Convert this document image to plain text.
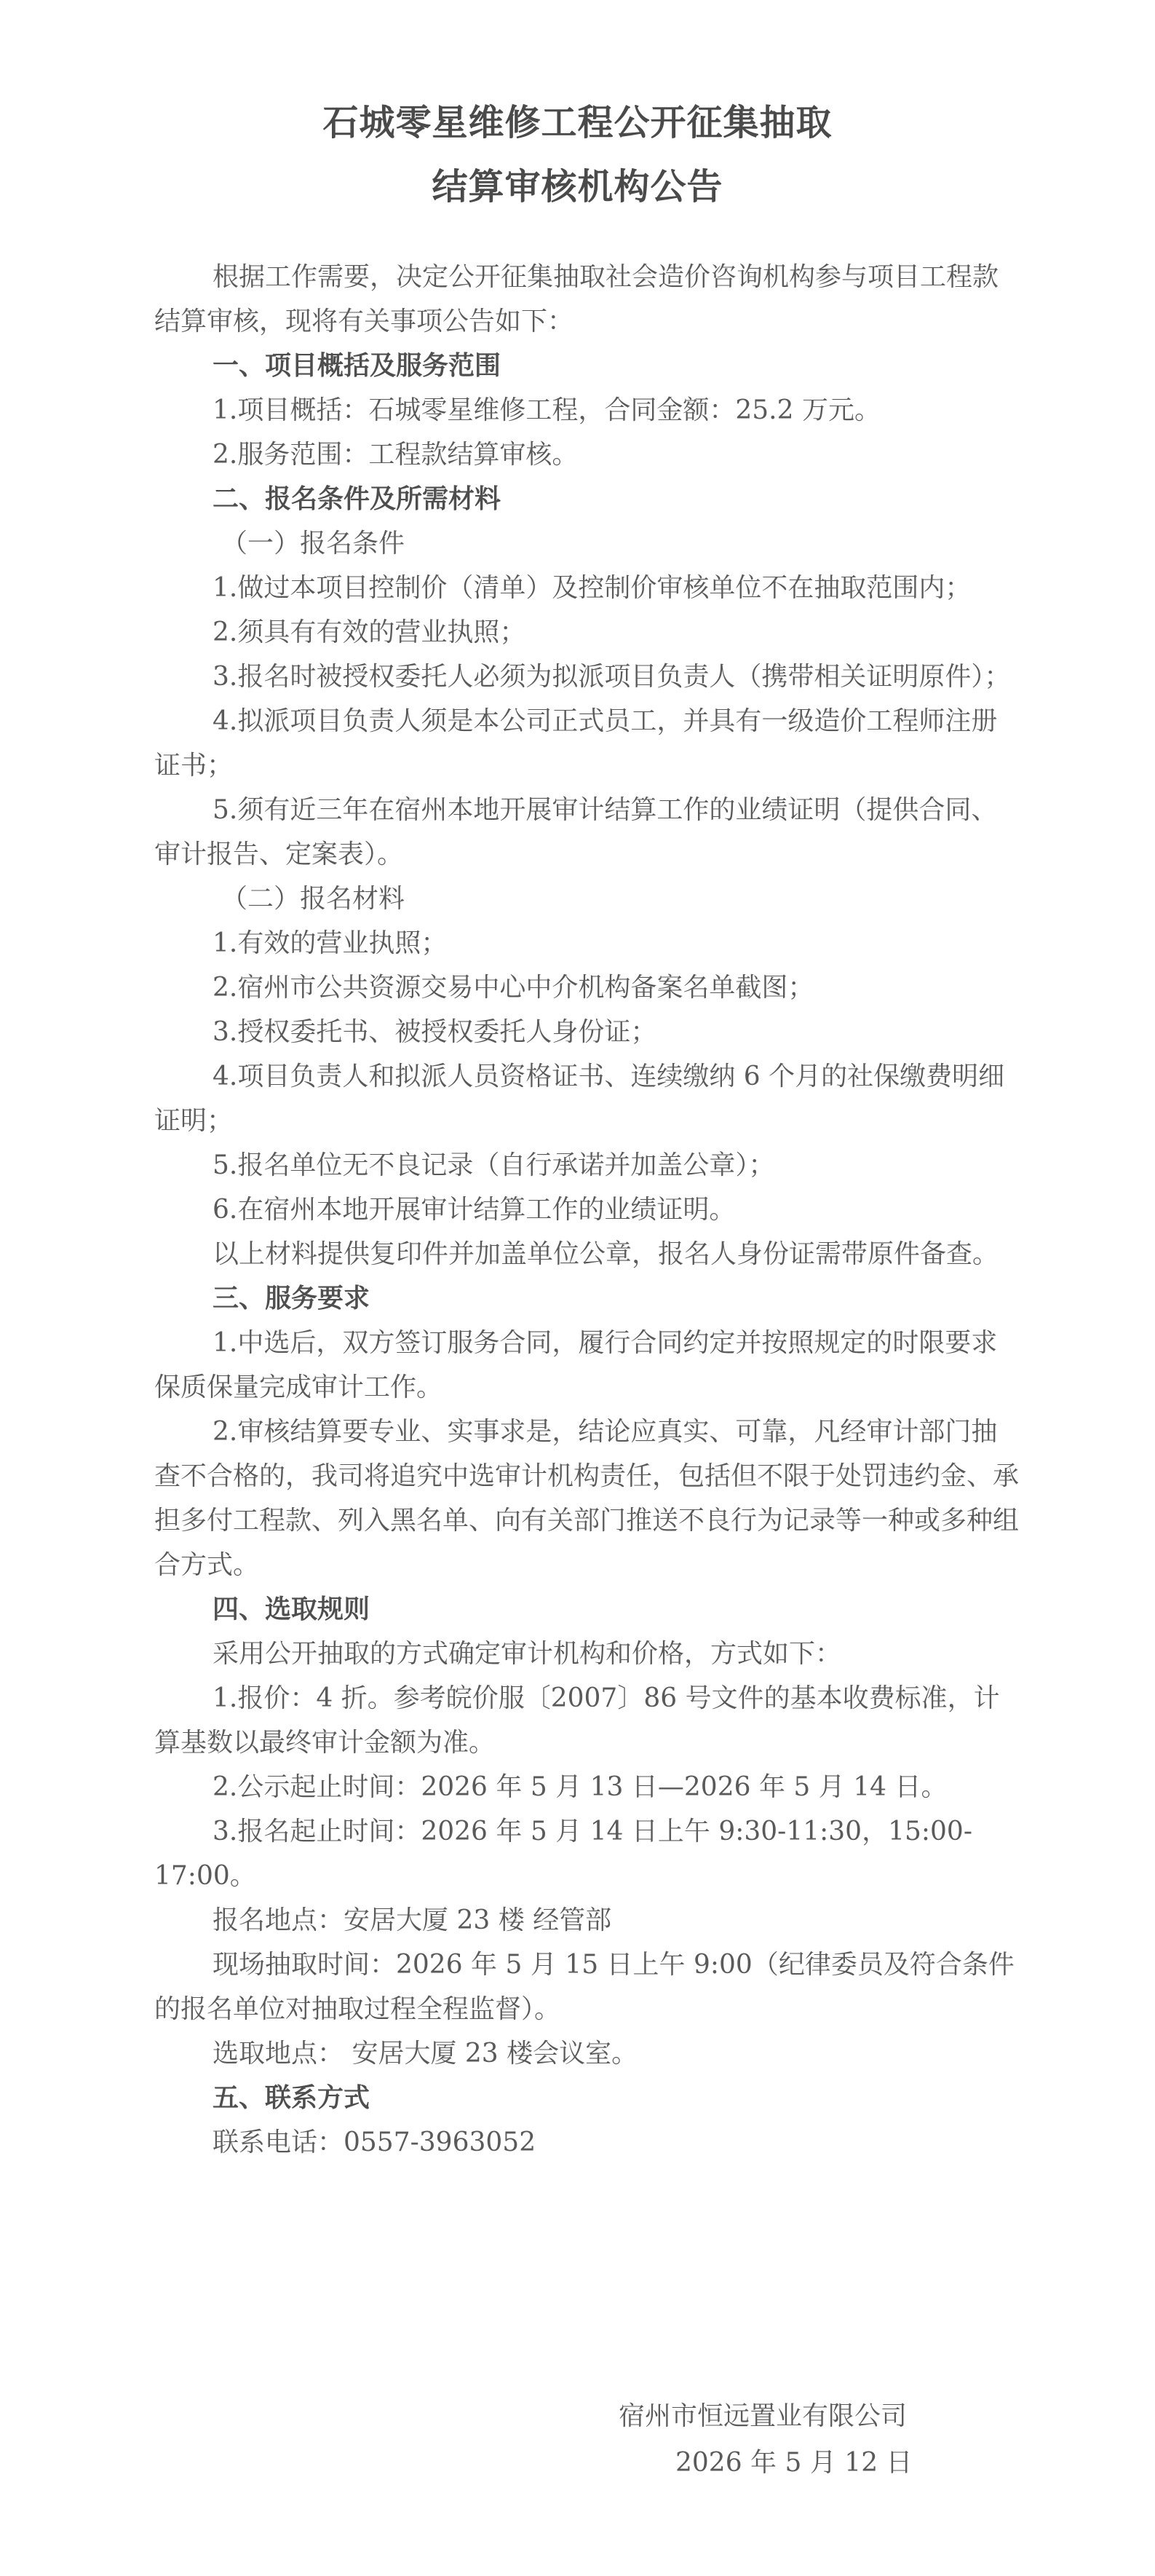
石城零星维修工程公开征集抽取
结算审核机构公告

根据工作需要，决定公开征集抽取社会造价咨询机构参与项目工程款结算审核，现将有关事项公告如下：

一、项目概括及服务范围

1.项目概括：石城零星维修工程，合同金额：25.2 万元。

2.服务范围：工程款结算审核。

二、报名条件及所需材料

（一）报名条件

1.做过本项目控制价（清单）及控制价审核单位不在抽取范围内；

2.须具有有效的营业执照；

3.报名时被授权委托人必须为拟派项目负责人（携带相关证明原件）；

4.拟派项目负责人须是本公司正式员工，并具有一级造价工程师注册证书；

5.须有近三年在宿州本地开展审计结算工作的业绩证明（提供合同、审计报告、定案表）。

（二）报名材料

1.有效的营业执照；

2.宿州市公共资源交易中心中介机构备案名单截图；

3.授权委托书、被授权委托人身份证；

4.项目负责人和拟派人员资格证书、连续缴纳 6 个月的社保缴费明细证明；

5.报名单位无不良记录（自行承诺并加盖公章）；

6.在宿州本地开展审计结算工作的业绩证明。

以上材料提供复印件并加盖单位公章，报名人身份证需带原件备查。

三、服务要求

1.中选后，双方签订服务合同，履行合同约定并按照规定的时限要求保质保量完成审计工作。

2.审核结算要专业、实事求是，结论应真实、可靠，凡经审计部门抽查不合格的，我司将追究中选审计机构责任，包括但不限于处罚违约金、承担多付工程款、列入黑名单、向有关部门推送不良行为记录等一种或多种组合方式。

四、选取规则

采用公开抽取的方式确定审计机构和价格，方式如下：

1.报价：4 折。参考皖价服〔2007〕86 号文件的基本收费标准，计算基数以最终审计金额为准。

2.公示起止时间：2026 年 5 月 13 日—2026 年 5 月 14 日。

3.报名起止时间：2026 年 5 月 14 日上午 9:30-11:30，15:00-17:00。

报名地点：安居大厦 23 楼 经管部

现场抽取时间：2026 年 5 月 15 日上午 9:00（纪律委员及符合条件的报名单位对抽取过程全程监督）。

选取地点： 安居大厦 23 楼会议室。

五、联系方式

联系电话：0557-3963052

宿州市恒远置业有限公司
2026 年 5 月 12 日
